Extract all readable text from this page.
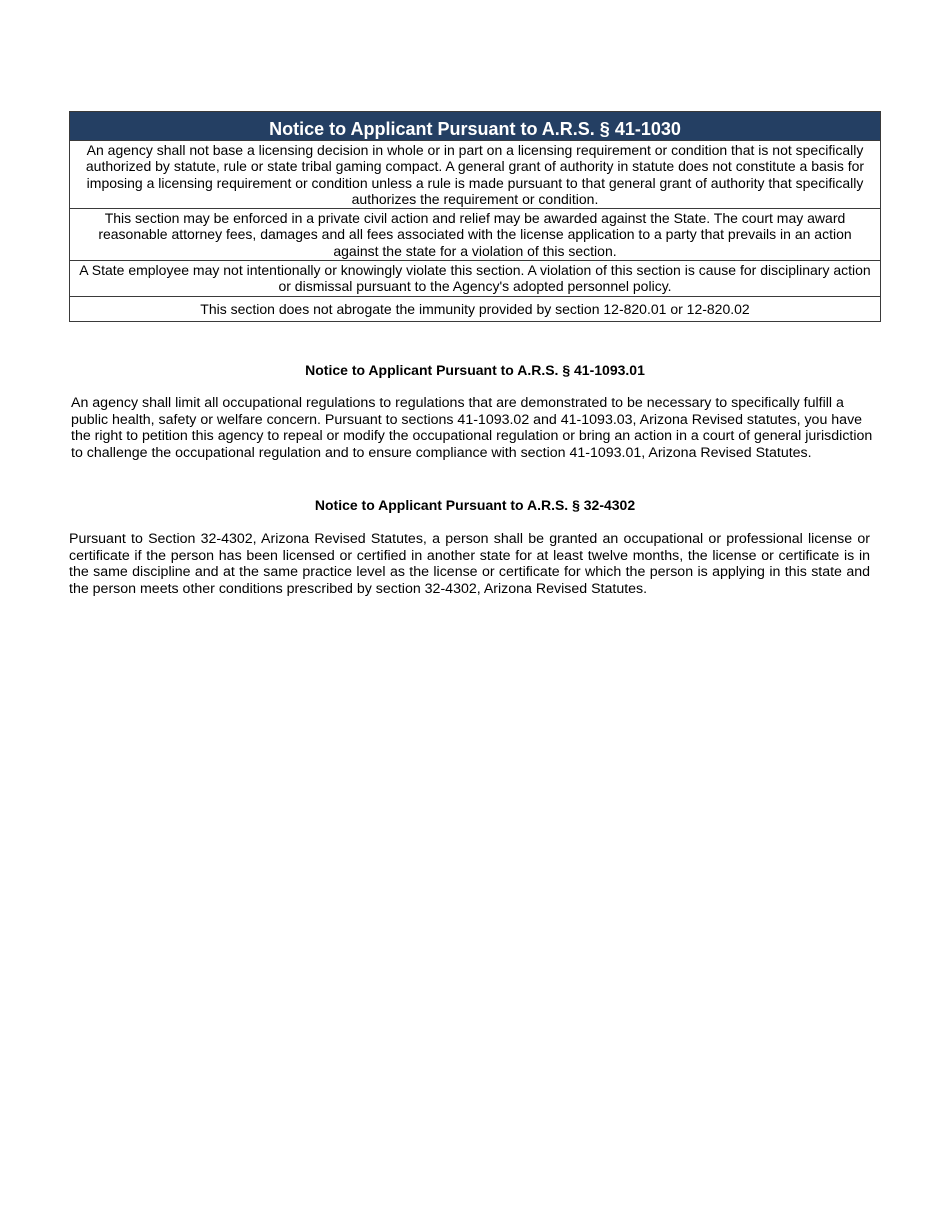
Notice to Applicant Pursuant to A.R.S. § 41-1030
An agency shall not base a licensing decision in whole or in part on a licensing requirement or condition that is not specifically authorized by statute, rule or state tribal gaming compact. A general grant of authority in statute does not constitute a basis for imposing a licensing requirement or condition unless a rule is made pursuant to that general grant of authority that specifically authorizes the requirement or condition.
This section may be enforced in a private civil action and relief may be awarded against the State. The court may award reasonable attorney fees, damages and all fees associated with the license application to a party that prevails in an action against the state for a violation of this section.
A State employee may not intentionally or knowingly violate this section. A violation of this section is cause for disciplinary action or dismissal pursuant to the Agency's adopted personnel policy.
This section does not abrogate the immunity provided by section 12-820.01 or 12-820.02
Notice to Applicant Pursuant to A.R.S. § 41-1093.01
An agency shall limit all occupational regulations to regulations that are demonstrated to be necessary to specifically fulfill a public health, safety or welfare concern. Pursuant to sections 41-1093.02 and 41-1093.03, Arizona Revised statutes, you have the right to petition this agency to repeal or modify the occupational regulation or bring an action in a court of general jurisdiction to challenge the occupational regulation and to ensure compliance with section 41-1093.01, Arizona Revised Statutes.
Notice to Applicant Pursuant to A.R.S. § 32-4302
Pursuant to Section 32-4302, Arizona Revised Statutes, a person shall be granted an occupational or professional license or certificate if the person has been licensed or certified in another state for at least twelve months, the license or certificate is in the same discipline and at the same practice level as the license or certificate for which the person is applying in this state and the person meets other conditions prescribed by section 32-4302, Arizona Revised Statutes.
